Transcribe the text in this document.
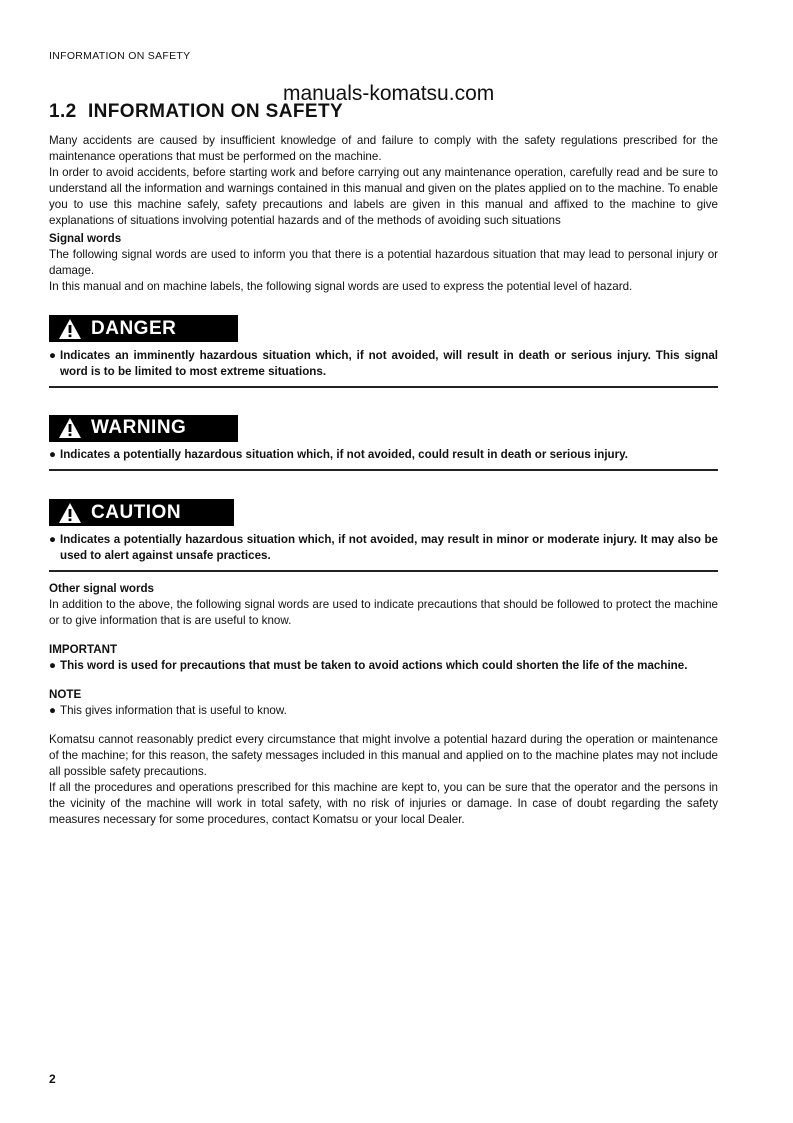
INFORMATION ON SAFETY
manuals-komatsu.com
1.2 INFORMATION ON SAFETY

Many accidents are caused by insufficient knowledge of and failure to comply with the safety regulations prescribed for the maintenance operations that must be performed on the machine.

In order to avoid accidents, before starting work and before carrying out any maintenance operation, carefully read and be sure to understand all the information and warnings contained in this manual and given on the plates applied on to the machine. To enable you to use this machine safely, safety precautions and labels are given in this manual and affixed to the machine to give explanations of situations involving potential hazards and of the methods of avoiding such situations

Signal words

The following signal words are used to inform you that there is a potential hazardous situation that may lead to personal injury or damage.

In this manual and on machine labels, the following signal words are used to express the potential level of hazard.

DANGER
● Indicates an imminently hazardous situation which, if not avoided, will result in death or serious injury. This signal word is to be limited to most extreme situations.
WARNING
● Indicates a potentially hazardous situation which, if not avoided, could result in death or serious injury.
CAUTION
● Indicates a potentially hazardous situation which, if not avoided, may result in minor or moderate injury. It may also be used to alert against unsafe practices.

Other signal words

In addition to the above, the following signal words are used to indicate precautions that should be followed to protect the machine or to give information that is are useful to know.

IMPORTANT

● This word is used for precautions that must be taken to avoid actions which could shorten the life of the machine.

NOTE

● This gives information that is useful to know.

Komatsu cannot reasonably predict every circumstance that might involve a potential hazard during the operation or maintenance of the machine; for this reason, the safety messages included in this manual and applied on to the machine plates may not include all possible safety precautions.

If all the procedures and operations prescribed for this machine are kept to, you can be sure that the operator and the persons in the vicinity of the machine will work in total safety, with no risk of injuries or damage. In case of doubt regarding the safety measures necessary for some procedures, contact Komatsu or your local Dealer.

2
